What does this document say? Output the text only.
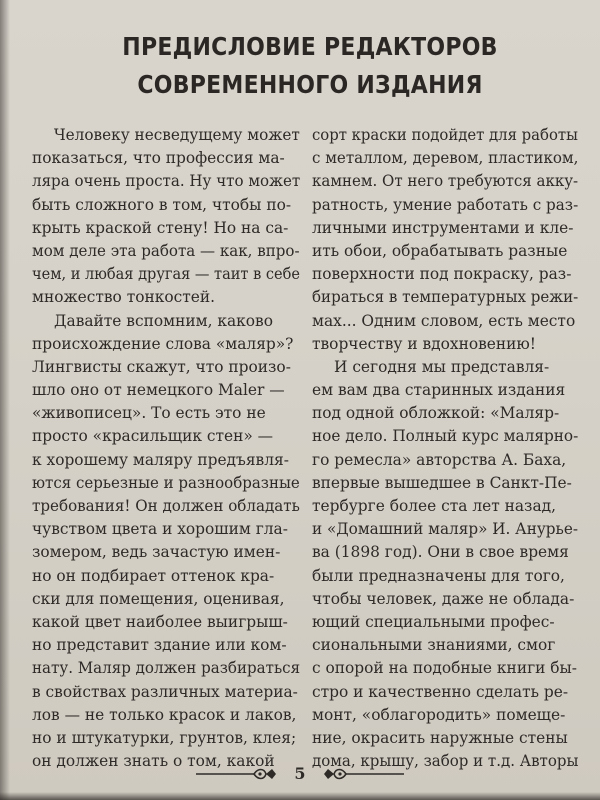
ПРЕДИСЛОВИЕ РЕДАКТОРОВ
СОВРЕМЕННОГО ИЗДАНИЯ
Человеку несведущему может
показаться, что профессия ма-
ляра очень проста. Ну что может
быть сложного в том, чтобы по-
крыть краской стену! Но на са-
мом деле эта работа — как, впро-
чем, и любая другая — таит в себе
множество тонкостей.
Давайте вспомним, каково
происхождение слова «маляр»?
Лингвисты скажут, что произо-
шло оно от немецкого Maler —
«живописец». То есть это не
просто «красильщик стен» —
к хорошему маляру предъявля-
ются серьезные и разнообразные
требования! Он должен обладать
чувством цвета и хорошим гла-
зомером, ведь зачастую имен-
но он подбирает оттенок кра-
ски для помещения, оценивая,
какой цвет наиболее выигрыш-
но представит здание или ком-
нату. Маляр должен разбираться
в свойствах различных материа-
лов — не только красок и лаков,
но и штукатурки, грунтов, клея;
он должен знать о том, какой
сорт краски подойдет для работы
с металлом, деревом, пластиком,
камнем. От него требуются акку-
ратность, умение работать с раз-
личными инструментами и кле-
ить обои, обрабатывать разные
поверхности под покраску, раз-
бираться в температурных режи-
мах... Одним словом, есть место
творчеству и вдохновению!
И сегодня мы представля-
ем вам два старинных издания
под одной обложкой: «Маляр-
ное дело. Полный курс малярно-
го ремесла» авторства А. Баха,
впервые вышедшее в Санкт-Пе-
тербурге более ста лет назад,
и «Домашний маляр» И. Анурье-
ва (1898 год). Они в свое время
были предназначены для того,
чтобы человек, даже не облада-
ющий специальными профес-
сиональными знаниями, смог
с опорой на подобные книги бы-
стро и качественно сделать ре-
монт, «облагородить» помеще-
ние, окрасить наружные стены
дома, крышу, забор и т.д. Авторы
5
